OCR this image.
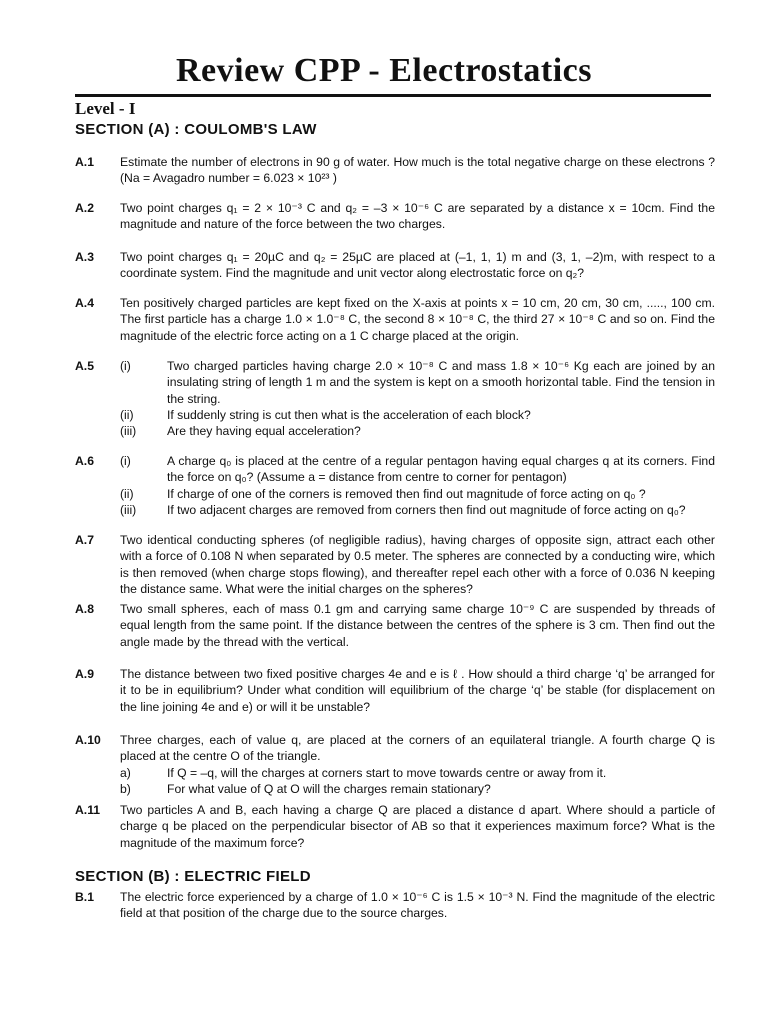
Review CPP - Electrostatics
Level - I
SECTION (A) : COULOMB'S LAW
A.1 Estimate the number of electrons in 90 g of water. How much is the total negative charge on these electrons ? (Na = Avagadro number = 6.023 × 10²³ )
A.2 Two point charges q₁ = 2 × 10⁻³ C and q₂ = –3 × 10⁻⁶ C are separated by a distance x = 10cm. Find the magnitude and nature of the force between the two charges.
A.3 Two point charges q₁ = 20µC and q₂ = 25µC are placed at (–1, 1, 1) m and (3, 1, –2)m, with respect to a coordinate system. Find the magnitude and unit vector along electrostatic force on q₂?
A.4 Ten positively charged particles are kept fixed on the X-axis at points x = 10 cm, 20 cm, 30 cm, ....., 100 cm. The first particle has a charge 1.0 × 1.0⁻⁸ C, the second 8 × 10⁻⁸ C, the third 27 × 10⁻⁸ C and so on. Find the magnitude of the electric force acting on a 1 C charge placed at the origin.
A.5 (i)	Two charged particles having charge 2.0 × 10⁻⁸ C and mass 1.8 × 10⁻⁶ Kg each are joined by an insulating string of length 1 m and the system is kept on a smooth horizontal table. Find the tension in the string.
(ii)	If suddenly string is cut then what is the acceleration of each block?
(iii)	Are they having equal acceleration?
A.6 (i)	A charge q₀ is placed at the centre of a regular pentagon having equal charges q at its corners. Find the force on q₀? (Assume a = distance from centre to corner for pentagon)
(ii)	If charge of one of the corners is removed then find out magnitude of force acting on q₀ ?
(iii)	If two adjacent charges are removed from corners then find out magnitude of force acting on q₀?
A.7 Two identical conducting spheres (of negligible radius), having charges of opposite sign, attract each other with a force of 0.108 N when separated by 0.5 meter. The spheres are connected by a conducting wire, which is then removed (when charge stops flowing), and thereafter repel each other with a force of 0.036 N keeping the distance same. What were the initial charges on the spheres?
A.8 Two small spheres, each of mass 0.1 gm and carrying same charge 10⁻⁹ C are suspended by threads of equal length from the same point. If the distance between the centres of the sphere is 3 cm. Then find out the angle made by the thread with the vertical.
A.9 The distance between two fixed positive charges 4e and e is ℓ . How should a third charge ‘q’ be arranged for it to be in equilibrium? Under what condition will equilibrium of the charge ‘q’ be stable (for displacement on the line joining 4e and e) or will it be unstable?
A.10 Three charges, each of value q, are placed at the corners of an equilateral triangle. A fourth charge Q is placed at the centre O of the triangle.
a)	If Q = –q, will the charges at corners start to move towards centre or away from it.
b)	For what value of Q at O will the charges remain stationary?
A.11 Two particles A and B, each having a charge Q are placed a distance d apart. Where should a particle of charge q be placed on the perpendicular bisector of AB so that it experiences maximum force? What is the magnitude of the maximum force?
SECTION (B) : ELECTRIC FIELD
B.1 The electric force experienced by a charge of 1.0 × 10⁻⁶ C is 1.5 × 10⁻³ N. Find the magnitude of the electric field at that position of the charge due to the source charges.
